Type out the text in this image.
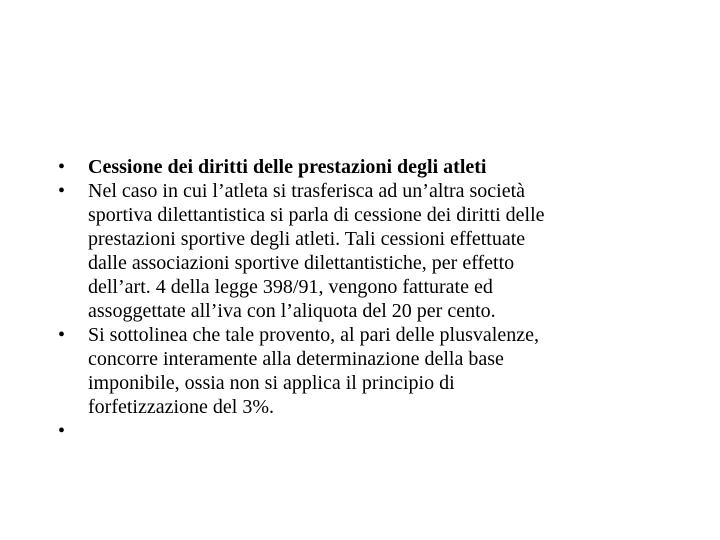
•	Cessione dei diritti delle prestazioni degli atleti
•	Nel caso in cui l’atleta si trasferisca ad un’altra società
sportiva dilettantistica si parla di cessione dei diritti delle
prestazioni sportive degli atleti. Tali cessioni effettuate
dalle associazioni sportive dilettantistiche, per effetto
dell’art. 4 della legge 398/91, vengono fatturate ed
assoggettate all’iva con l’aliquota del 20 per cento.
•	Si sottolinea che tale provento, al pari delle plusvalenze,
concorre interamente alla determinazione della base
imponibile, ossia non si applica il principio di
forfetizzazione del 3%.
•
